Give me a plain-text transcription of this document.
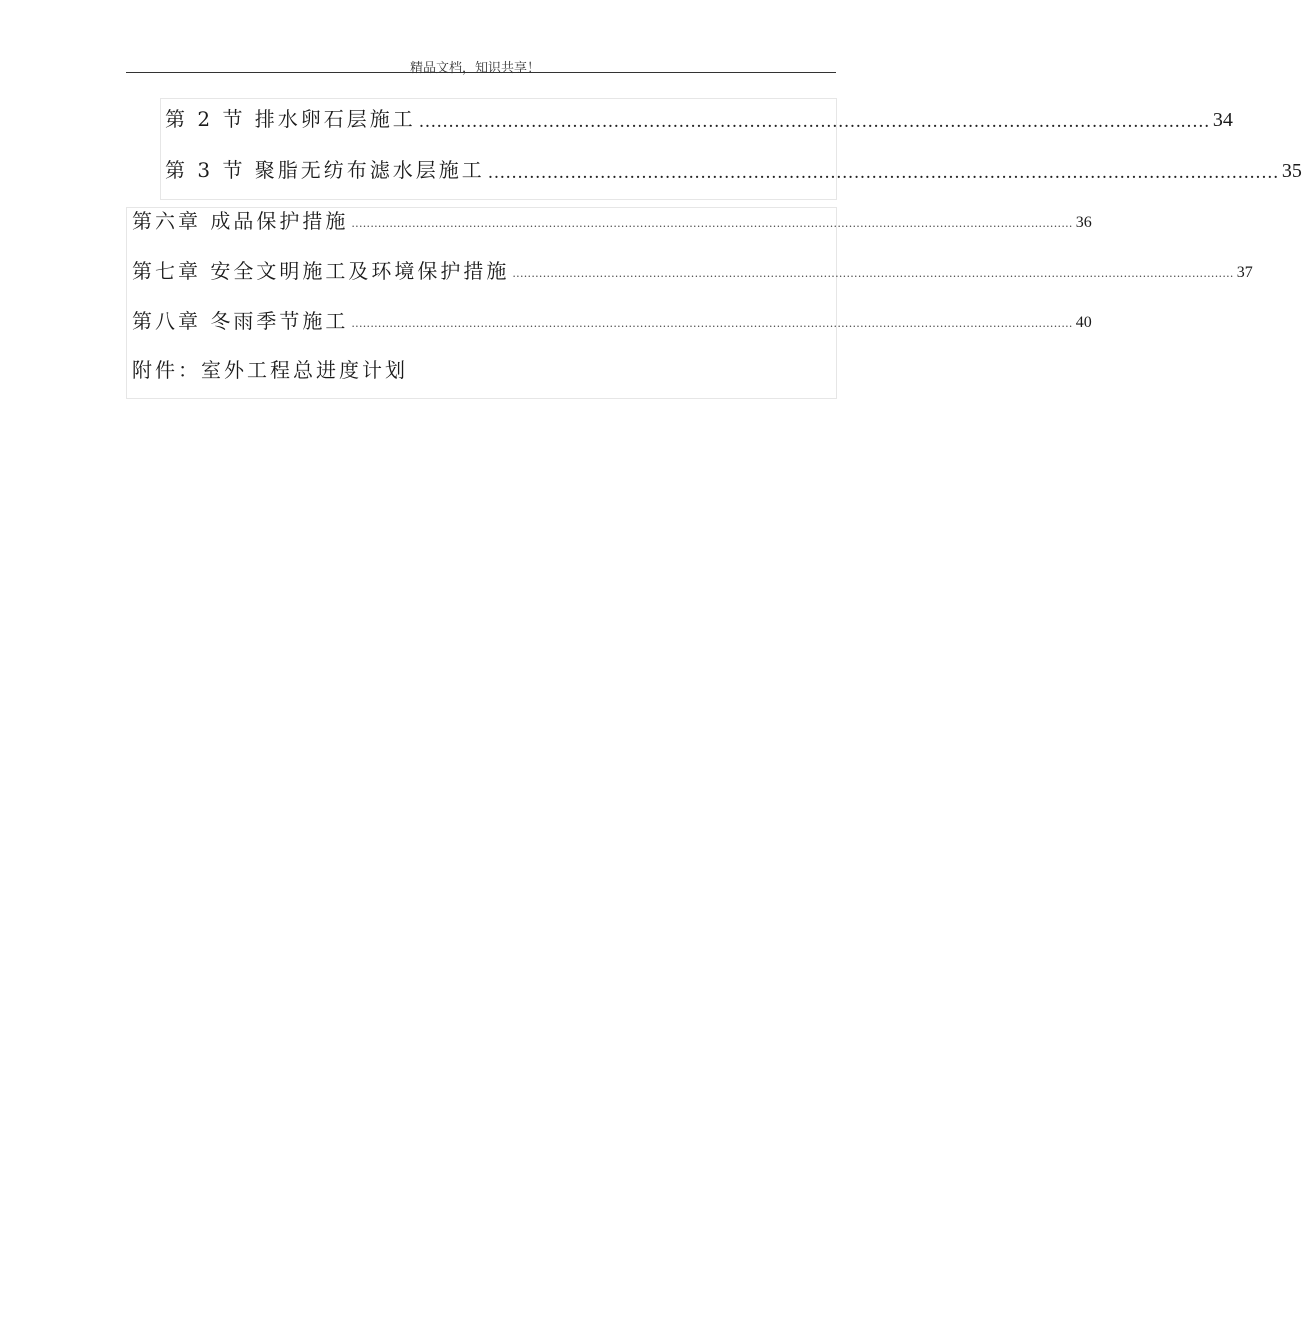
精品文档，知识共享！
第 2 节 排水卵石层施工 ...................................................................................................................................... 34
第 3 节 聚脂无纺布滤水层施工 ...................................................................................................................................... 35
第六章 成品保护措施 .............................................................................................................................................................................................. 36
第七章 安全文明施工及环境保护措施 .............................................................................................................................................................................................. 37
第八章 冬雨季节施工 .............................................................................................................................................................................................. 40
附件：室外工程总进度计划
